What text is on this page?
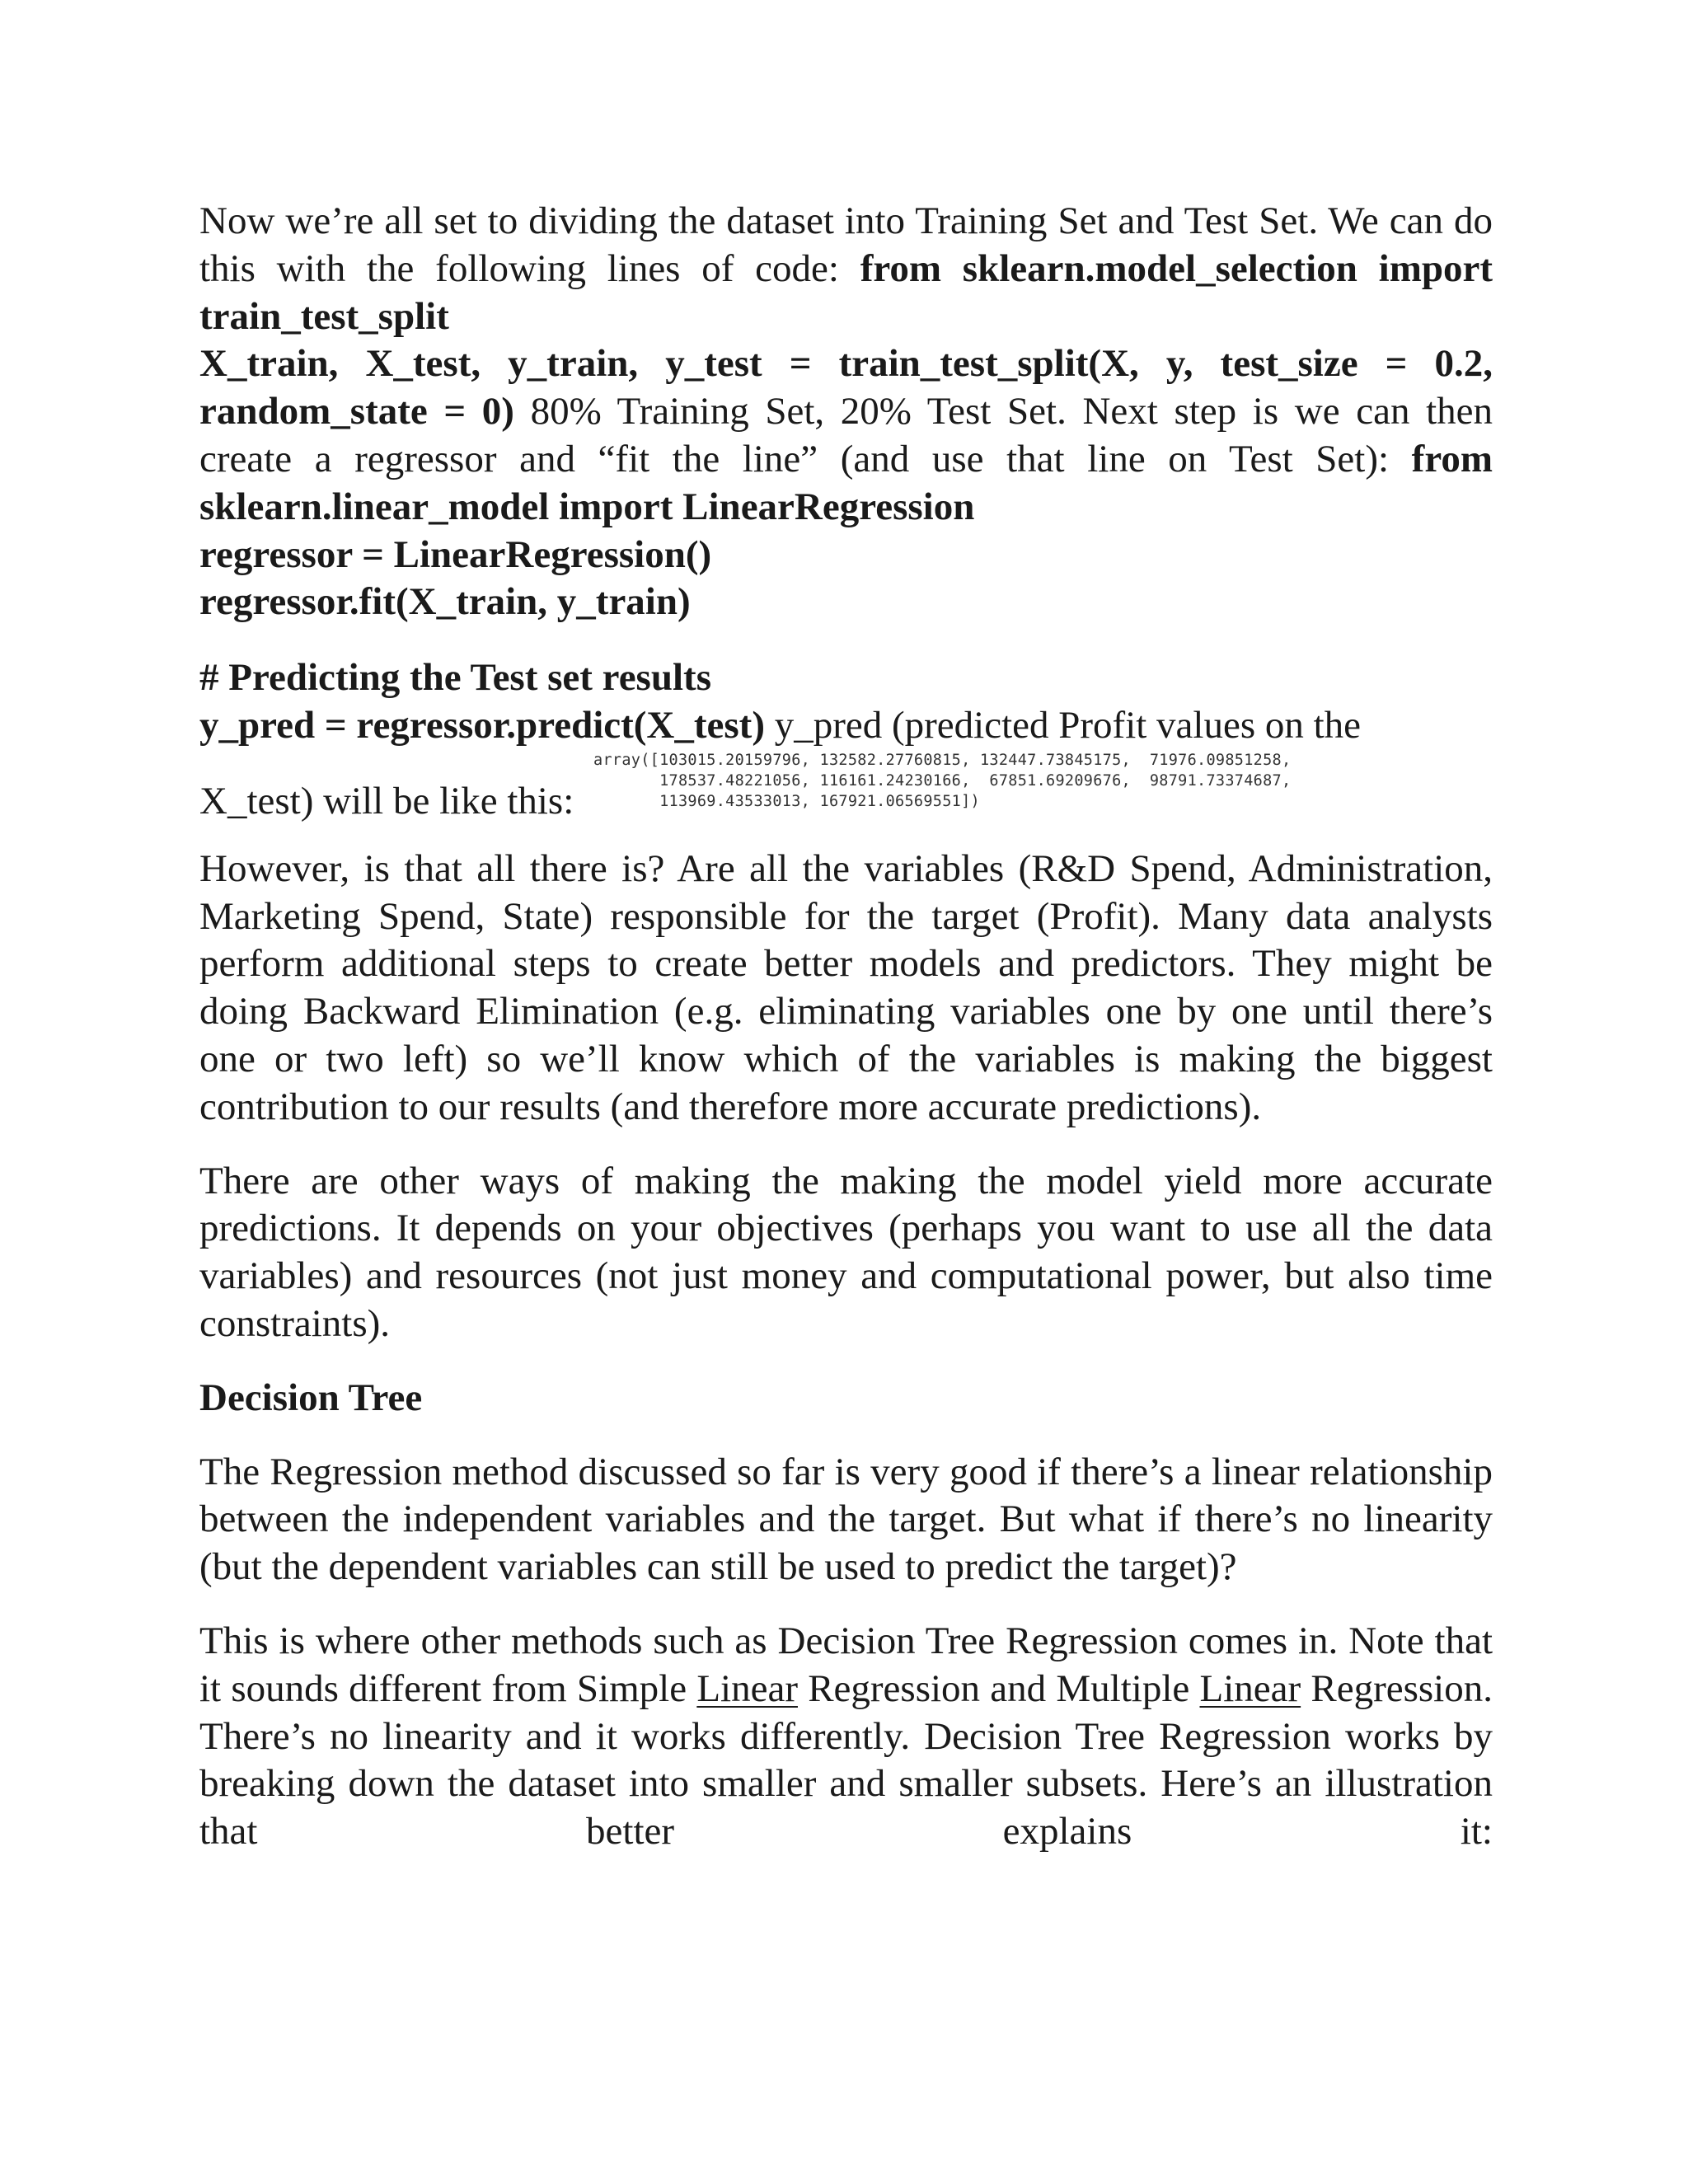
Now we’re all set to dividing the dataset into Training Set and Test Set. We can do this with the following lines of code: from sklearn.model_selection import train_test_split
X_train, X_test, y_train, y_test = train_test_split(X, y, test_size = 0.2, random_state = 0) 80% Training Set, 20% Test Set. Next step is we can then create a regressor and “fit the line” (and use that line on Test Set): from sklearn.linear_model import LinearRegression
regressor = LinearRegression()
regressor.fit(X_train, y_train)

# Predicting the Test set results
y_pred = regressor.predict(X_test) y_pred (predicted Profit values on the

X_test) will be like this:
array([103015.20159796, 132582.27760815, 132447.73845175,  71976.09851258,
178537.48221056, 116161.24230166,  67851.69209676,  98791.73374687,
113969.43533013, 167921.06569551])

However, is that all there is? Are all the variables (R&D Spend, Administration, Marketing Spend, State) responsible for the target (Profit). Many data analysts perform additional steps to create better models and predictors. They might be doing Backward Elimination (e.g. eliminating variables one by one until there’s one or two left) so we’ll know which of the variables is making the biggest contribution to our results (and therefore more accurate predictions).

There are other ways of making the making the model yield more accurate predictions. It depends on your objectives (perhaps you want to use all the data variables) and resources (not just money and computational power, but also time constraints).

Decision Tree

The Regression method discussed so far is very good if there’s a linear relationship between the independent variables and the target. But what if there’s no linearity (but the dependent variables can still be used to predict the target)?

This is where other methods such as Decision Tree Regression comes in. Note that it sounds different from Simple Linear Regression and Multiple Linear Regression. There’s no linearity and it works differently. Decision Tree Regression works by breaking down the dataset into smaller and smaller subsets. Here’s an illustration that better explains it:
